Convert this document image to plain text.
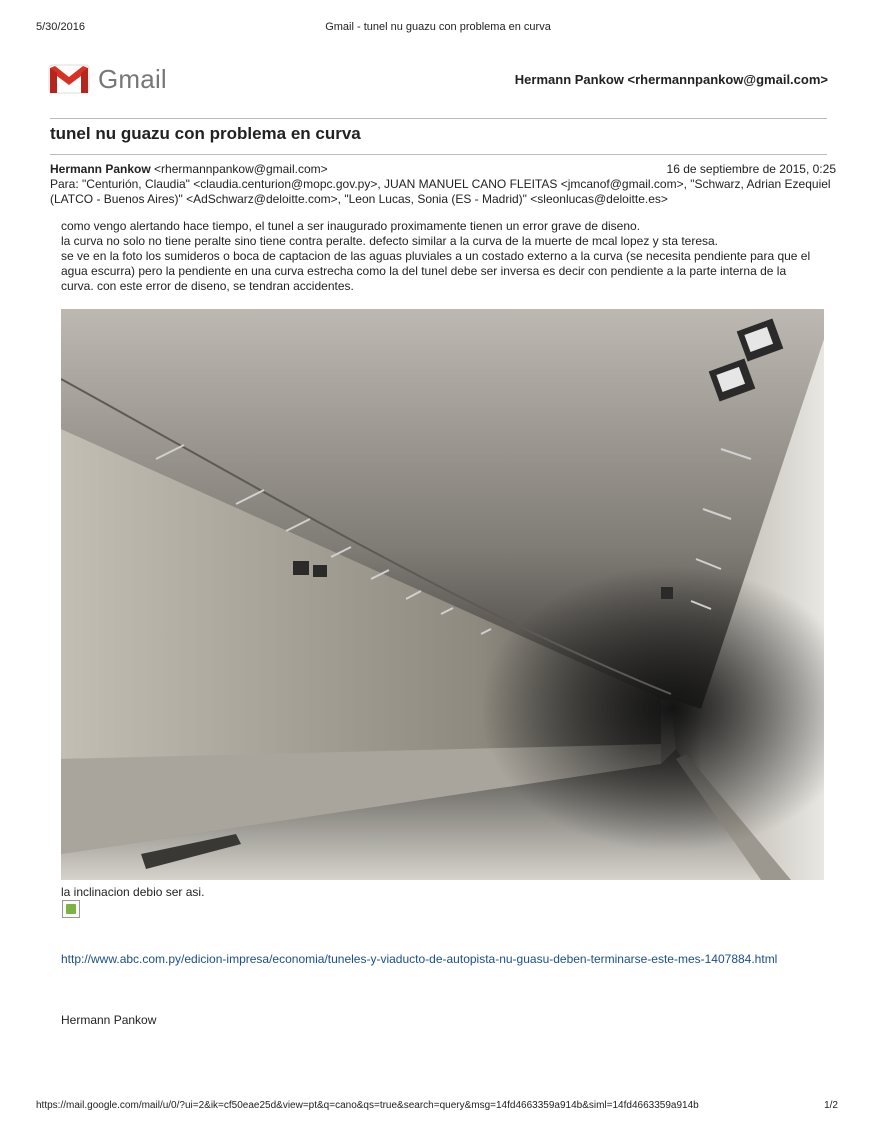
5/30/2016	Gmail - tunel nu guazu con problema en curva
Gmail	Hermann Pankow <rhermannpankow@gmail.com>
tunel nu guazu con problema en curva
Hermann Pankow <rhermannpankow@gmail.com>	16 de septiembre de 2015, 0:25
Para: "Centurión, Claudia" <claudia.centurion@mopc.gov.py>, JUAN MANUEL CANO FLEITAS <jmcanof@gmail.com>, "Schwarz, Adrian Ezequiel (LATCO - Buenos Aires)" <AdSchwarz@deloitte.com>, "Leon Lucas, Sonia (ES - Madrid)" <sleonlucas@deloitte.es>

como vengo alertando hace tiempo, el tunel a ser inaugurado proximamente tienen un error grave de diseno.

la curva no solo no tiene peralte sino tiene contra peralte. defecto similar a la curva de la muerte de mcal lopez y sta teresa.

se ve en la foto los sumideros o boca de captacion de las aguas pluviales a un costado externo a la curva (se necesita pendiente para que el agua escurra) pero la pendiente en una curva estrecha como la del tunel debe ser inversa es decir con pendiente a la parte interna de la curva. con este error de diseno, se tendran accidentes.

la inclinacion debio ser asi.
http://www.abc.com.py/edicion-impresa/economia/tuneles-y-viaducto-de-autopista-nu-guasu-deben-terminarse-este-mes-1407884.html
Hermann Pankow
https://mail.google.com/mail/u/0/?ui=2&ik=cf50eae25d&view=pt&q=cano&qs=true&search=query&msg=14fd4663359a914b&siml=14fd4663359a914b	1/2
